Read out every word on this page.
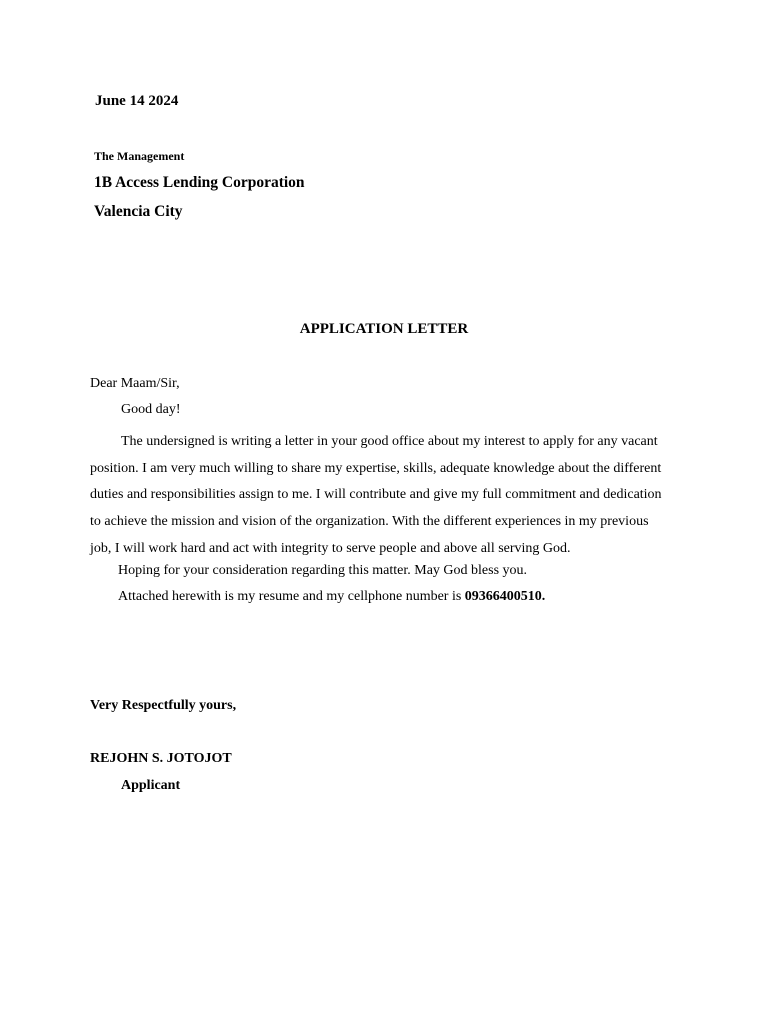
June 14 2024
The Management
1B Access Lending Corporation
Valencia City
APPLICATION LETTER
Dear Maam/Sir,
Good day!
The undersigned is writing a letter in your good office about my interest to apply for any vacant position. I am very much willing to share my expertise, skills, adequate knowledge about the different duties and responsibilities assign to me. I will contribute and give my full commitment and dedication to achieve the mission and vision of the organization. With the different experiences in my previous job, I will work hard and act with integrity to serve people and above all serving God.
Hoping for your consideration regarding this matter. May God bless you.
Attached herewith is my resume and my cellphone number is 09366400510.
Very Respectfully yours,
REJOHN S. JOTOJOT
Applicant
